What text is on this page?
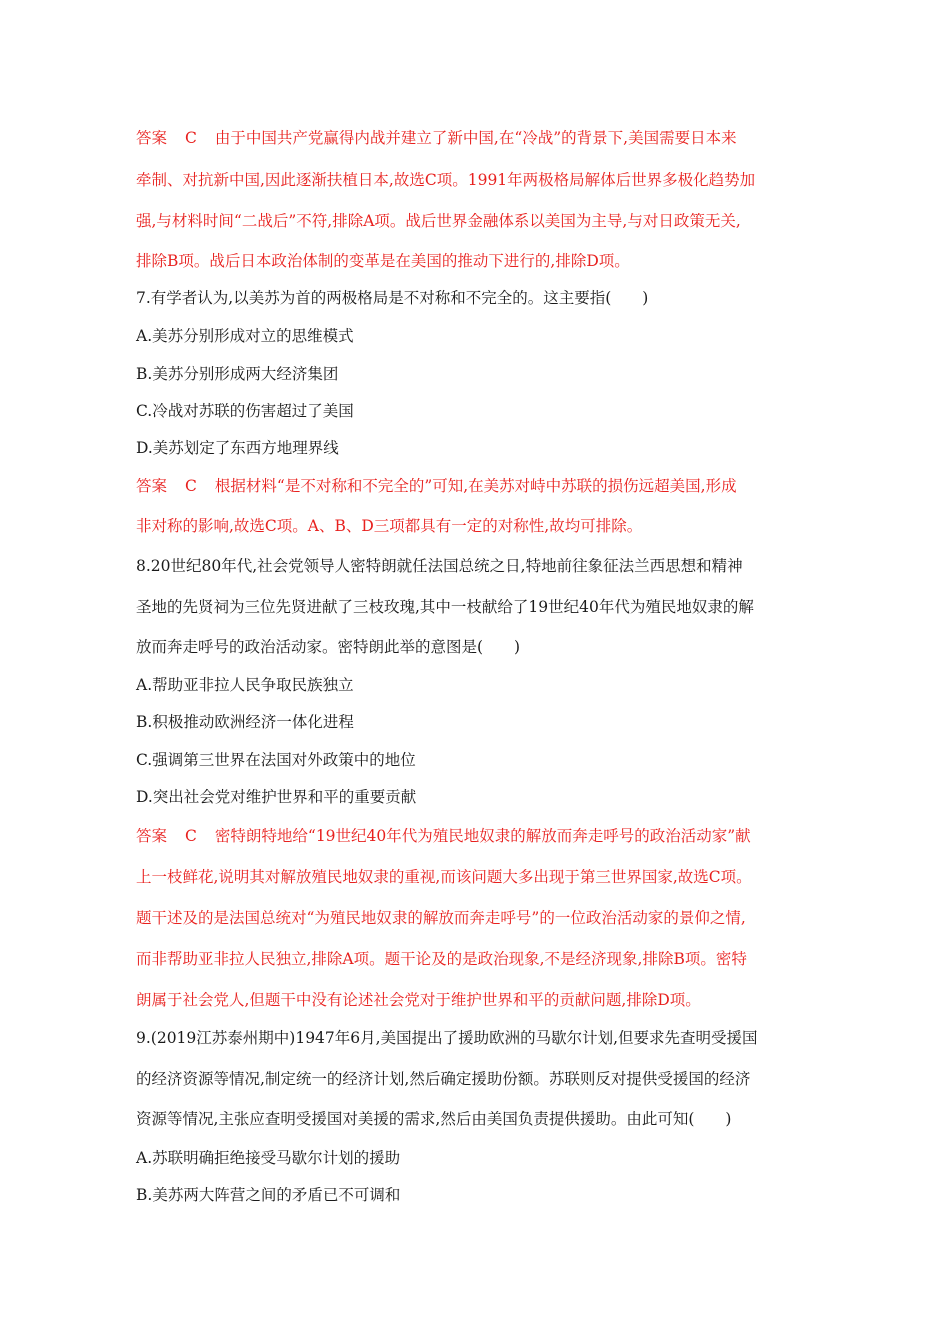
答案 C 由于中国共产党赢得内战并建立了新中国,在“冷战”的背景下,美国需要日本来
牵制、对抗新中国,因此逐渐扶植日本,故选C项。1991年两极格局解体后世界多极化趋势加
强,与材料时间“二战后”不符,排除A项。战后世界金融体系以美国为主导,与对日政策无关,
排除B项。战后日本政治体制的变革是在美国的推动下进行的,排除D项。
7.有学者认为,以美苏为首的两极格局是不对称和不完全的。这主要指(　　)
A.美苏分别形成对立的思维模式
B.美苏分别形成两大经济集团
C.冷战对苏联的伤害超过了美国
D.美苏划定了东西方地理界线
答案 C 根据材料“是不对称和不完全的”可知,在美苏对峙中苏联的损伤远超美国,形成
非对称的影响,故选C项。A、B、D三项都具有一定的对称性,故均可排除。
8.20世纪80年代,社会党领导人密特朗就任法国总统之日,特地前往象征法兰西思想和精神
圣地的先贤祠为三位先贤进献了三枝玫瑰,其中一枝献给了19世纪40年代为殖民地奴隶的解
放而奔走呼号的政治活动家。密特朗此举的意图是(　　)
A.帮助亚非拉人民争取民族独立
B.积极推动欧洲经济一体化进程
C.强调第三世界在法国对外政策中的地位
D.突出社会党对维护世界和平的重要贡献
答案 C 密特朗特地给“19世纪40年代为殖民地奴隶的解放而奔走呼号的政治活动家”献
上一枝鲜花,说明其对解放殖民地奴隶的重视,而该问题大多出现于第三世界国家,故选C项。
题干述及的是法国总统对“为殖民地奴隶的解放而奔走呼号”的一位政治活动家的景仰之情,
而非帮助亚非拉人民独立,排除A项。题干论及的是政治现象,不是经济现象,排除B项。密特
朗属于社会党人,但题干中没有论述社会党对于维护世界和平的贡献问题,排除D项。
9.(2019江苏泰州期中)1947年6月,美国提出了援助欧洲的马歇尔计划,但要求先查明受援国
的经济资源等情况,制定统一的经济计划,然后确定援助份额。苏联则反对提供受援国的经济
资源等情况,主张应查明受援国对美援的需求,然后由美国负责提供援助。由此可知(　　)
A.苏联明确拒绝接受马歇尔计划的援助
B.美苏两大阵营之间的矛盾已不可调和
